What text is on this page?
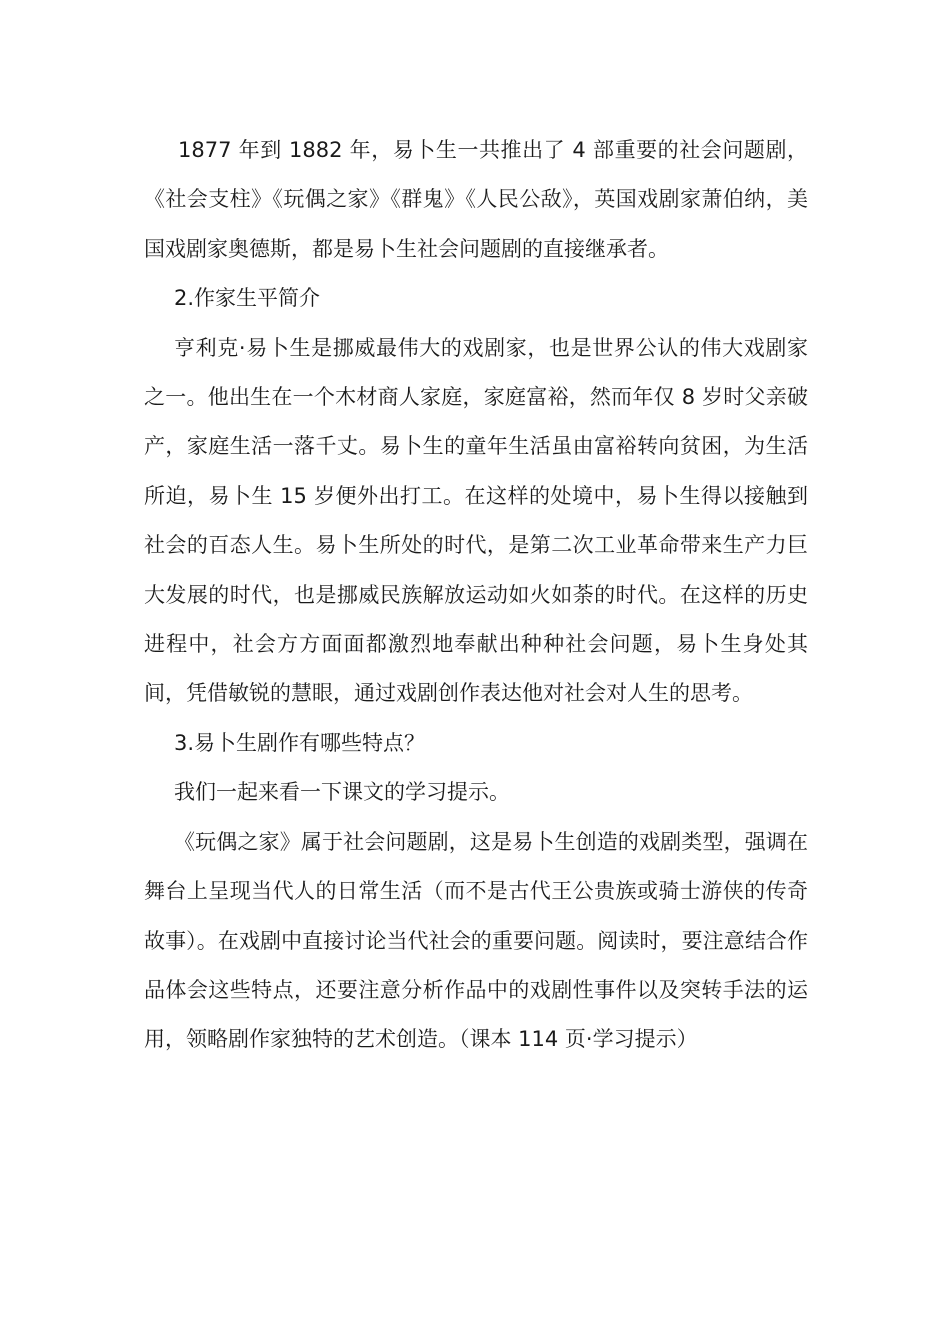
1877 年到 1882 年，易卜生一共推出了 4 部重要的社会问题剧，《社会支柱》《玩偶之家》《群鬼》《人民公敌》，英国戏剧家萧伯纳，美国戏剧家奥德斯，都是易卜生社会问题剧的直接继承者。

2.作家生平简介

亨利克·易卜生是挪威最伟大的戏剧家，也是世界公认的伟大戏剧家之一。他出生在一个木材商人家庭，家庭富裕，然而年仅 8 岁时父亲破产，家庭生活一落千丈。易卜生的童年生活虽由富裕转向贫困，为生活所迫，易卜生 15 岁便外出打工。在这样的处境中，易卜生得以接触到社会的百态人生。易卜生所处的时代，是第二次工业革命带来生产力巨大发展的时代，也是挪威民族解放运动如火如荼的时代。在这样的历史进程中，社会方方面面都激烈地奉献出种种社会问题，易卜生身处其间，凭借敏锐的慧眼，通过戏剧创作表达他对社会对人生的思考。

3.易卜生剧作有哪些特点？

我们一起来看一下课文的学习提示。

《玩偶之家》属于社会问题剧，这是易卜生创造的戏剧类型，强调在舞台上呈现当代人的日常生活（而不是古代王公贵族或骑士游侠的传奇故事）。在戏剧中直接讨论当代社会的重要问题。阅读时，要注意结合作品体会这些特点，还要注意分析作品中的戏剧性事件以及突转手法的运用，领略剧作家独特的艺术创造。（课本 114 页·学习提示）
